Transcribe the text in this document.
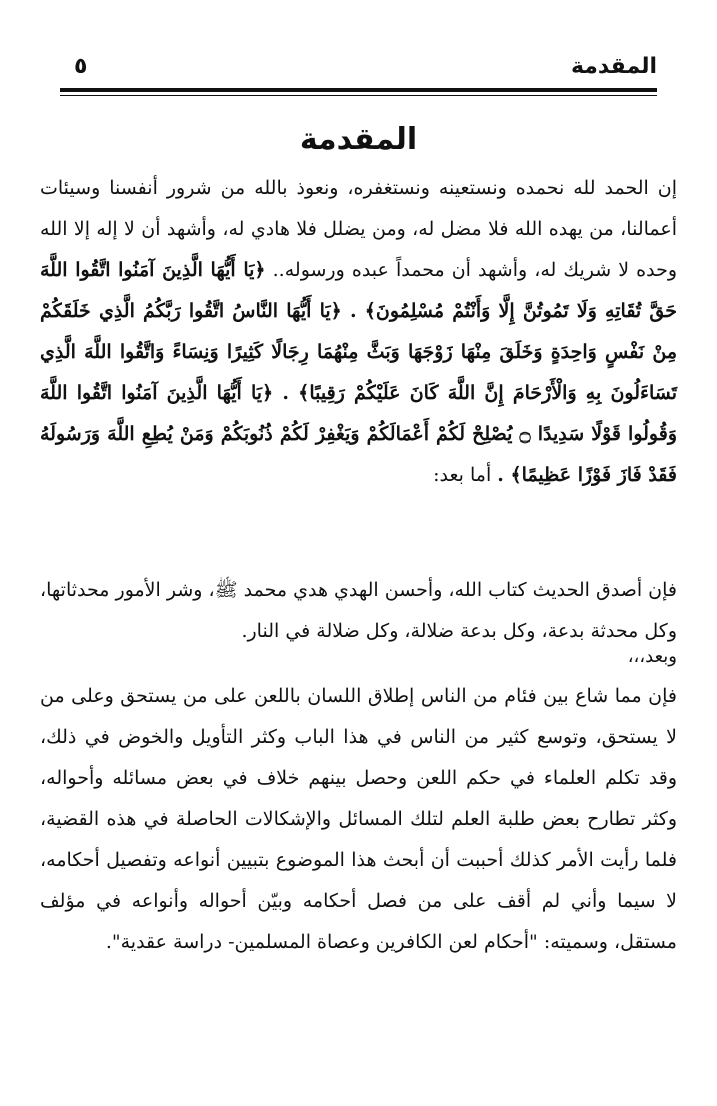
المقدمة
٥
المقدمة
إن الحمد لله نحمده ونستعينه ونستغفره، ونعوذ بالله من شرور أنفسنا وسيئات أعمالنا، من يهده الله فلا مضل له، ومن يضلل فلا هادي له، وأشهد أن لا إله إلا الله وحده لا شريك له، وأشهد أن محمداً عبده ورسوله.. ﴿يَا أَيُّهَا الَّذِينَ آمَنُوا اتَّقُوا اللَّهَ حَقَّ تُقَاتِهِ وَلَا تَمُوتُنَّ إِلَّا وَأَنْتُمْ مُسْلِمُونَ﴾ . ﴿يَا أَيُّهَا النَّاسُ اتَّقُوا رَبَّكُمُ الَّذِي خَلَقَكُمْ مِنْ نَفْسٍ وَاحِدَةٍ وَخَلَقَ مِنْهَا زَوْجَهَا وَبَثَّ مِنْهُمَا رِجَالًا كَثِيرًا وَنِسَاءً وَاتَّقُوا اللَّهَ الَّذِي تَسَاءَلُونَ بِهِ وَالْأَرْحَامَ إِنَّ اللَّهَ كَانَ عَلَيْكُمْ رَقِيبًا﴾ . ﴿يَا أَيُّهَا الَّذِينَ آمَنُوا اتَّقُوا اللَّهَ وَقُولُوا قَوْلًا سَدِيدًا ۝ يُصْلِحْ لَكُمْ أَعْمَالَكُمْ وَيَغْفِرْ لَكُمْ ذُنُوبَكُمْ وَمَنْ يُطِعِ اللَّهَ وَرَسُولَهُ فَقَدْ فَازَ فَوْزًا عَظِيمًا﴾ . أما بعد:
فإن أصدق الحديث كتاب الله، وأحسن الهدي هدي محمد ﷺ، وشر الأمور محدثاتها، وكل محدثة بدعة، وكل بدعة ضلالة، وكل ضلالة في النار.
وبعد،،،
فإن مما شاع بين فئام من الناس إطلاق اللسان باللعن على من يستحق وعلى من لا يستحق، وتوسع كثير من الناس في هذا الباب وكثر التأويل والخوض في ذلك، وقد تكلم العلماء في حكم اللعن وحصل بينهم خلاف في بعض مسائله وأحواله، وكثر تطارح بعض طلبة العلم لتلك المسائل والإشكالات الحاصلة في هذه القضية، فلما رأيت الأمر كذلك أحببت أن أبحث هذا الموضوع بتبيين أنواعه وتفصيل أحكامه، لا سيما وأني لم أقف على من فصل أحكامه وبيّن أحواله وأنواعه في مؤلف مستقل، وسميته: "أحكام لعن الكافرين وعصاة المسلمين- دراسة عقدية".
